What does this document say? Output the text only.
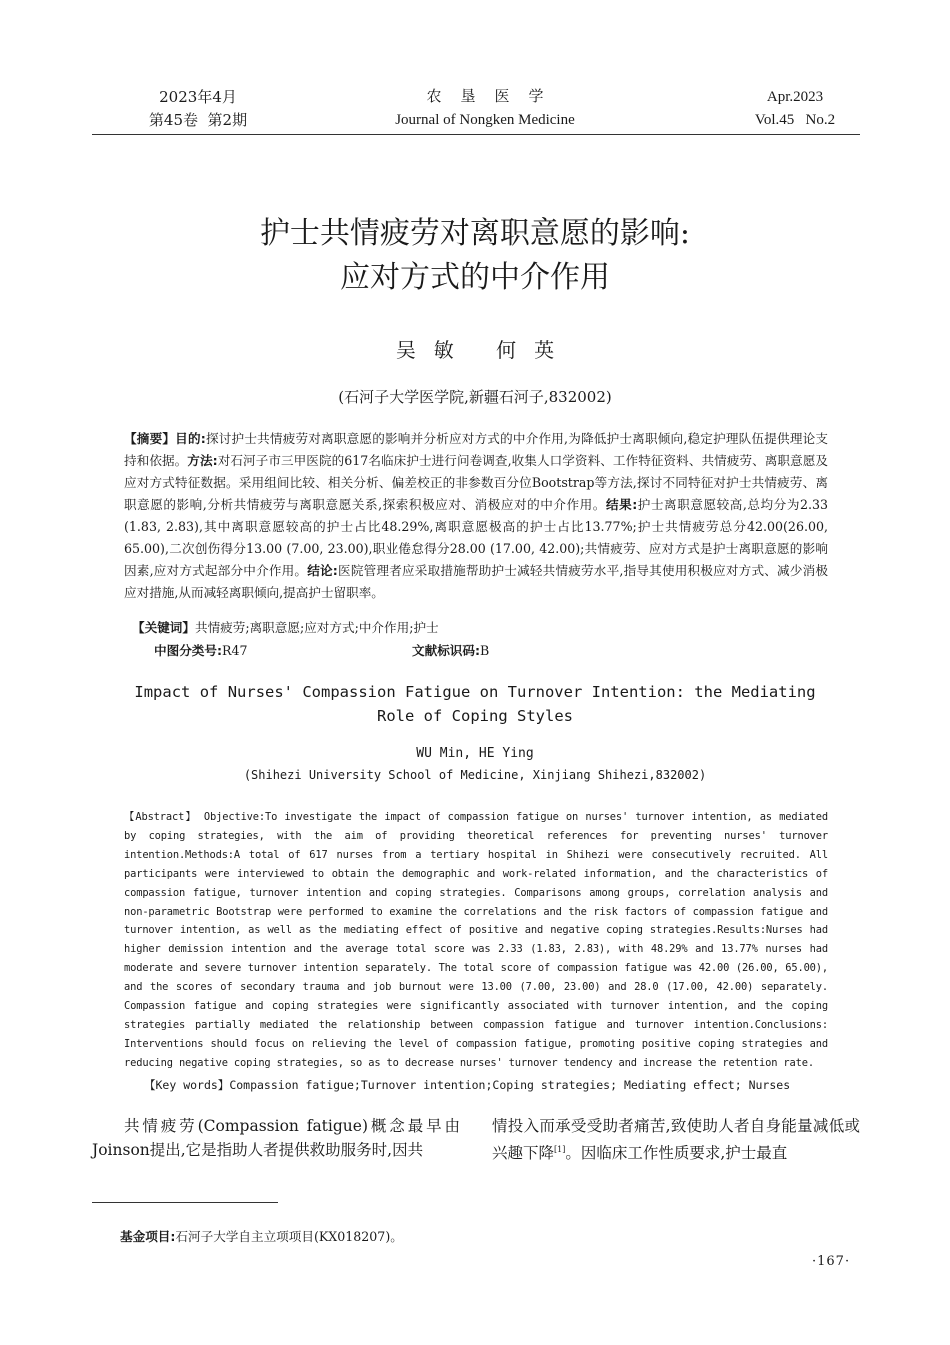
2023年4月
第45卷  第2期
农垦医学
Journal of Nongken Medicine
Apr.2023
Vol.45   No.2
护士共情疲劳对离职意愿的影响:
应对方式的中介作用
吴敏 何英
(石河子大学医学院,新疆石河子,832002)
【摘要】目的:探讨护士共情疲劳对离职意愿的影响并分析应对方式的中介作用,为降低护士离职倾向,稳定护理队伍提供理论支持和依据。方法:对石河子市三甲医院的617名临床护士进行问卷调查,收集人口学资料、工作特征资料、共情疲劳、离职意愿及应对方式特征数据。采用组间比较、相关分析、偏差校正的非参数百分位Bootstrap等方法,探讨不同特征对护士共情疲劳、离职意愿的影响,分析共情疲劳与离职意愿关系,探索积极应对、消极应对的中介作用。结果:护士离职意愿较高,总均分为2.33 (1.83, 2.83),其中离职意愿较高的护士占比48.29%,离职意愿极高的护士占比13.77%;护士共情疲劳总分42.00(26.00, 65.00),二次创伤得分13.00 (7.00, 23.00),职业倦怠得分28.00 (17.00, 42.00);共情疲劳、应对方式是护士离职意愿的影响因素,应对方式起部分中介作用。结论:医院管理者应采取措施帮助护士减轻共情疲劳水平,指导其使用积极应对方式、减少消极应对措施,从而减轻离职倾向,提高护士留职率。
【关键词】共情疲劳;离职意愿;应对方式;中介作用;护士
中图分类号:R47	文献标识码:B
Impact of Nurses' Compassion Fatigue on Turnover Intention: the Mediating
Role of Coping Styles
WU Min, HE Ying
(Shihezi University School of Medicine, Xinjiang Shihezi,832002)
【Abstract】 Objective:To investigate the impact of compassion fatigue on nurses' turnover intention, as mediated by coping strategies, with the aim of providing theoretical references for preventing nurses' turnover intention.Methods:A total of 617 nurses from a tertiary hospital in Shihezi were consecutively recruited. All participants were interviewed to obtain the demographic and work-related information, and the characteristics of compassion fatigue, turnover intention and coping strategies. Comparisons among groups, correlation analysis and non-parametric Bootstrap were performed to examine the correlations and the risk factors of compassion fatigue and turnover intention, as well as the mediating effect of positive and negative coping strategies.Results:Nurses had higher demission intention and the average total score was 2.33 (1.83, 2.83), with 48.29% and 13.77% nurses had moderate and severe turnover intention separately. The total score of compassion fatigue was 42.00 (26.00, 65.00), and the scores of secondary trauma and job burnout were 13.00 (7.00, 23.00) and 28.0 (17.00, 42.00) separately. Compassion fatigue and coping strategies were significantly associated with turnover intention, and the coping strategies partially mediated the relationship between compassion fatigue and turnover intention.Conclusions: Interventions should focus on relieving the level of compassion fatigue, promoting positive coping strategies and reducing negative coping strategies, so as to decrease nurses' turnover tendency and increase the retention rate.
【Key words】Compassion fatigue;Turnover intention;Coping strategies; Mediating effect; Nurses
共情疲劳(Compassion fatigue)概念最早由Joinson提出,它是指助人者提供救助服务时,因共
情投入而承受受助者痛苦,致使助人者自身能量减低或兴趣下降[1]。因临床工作性质要求,护士最直
基金项目:石河子大学自主立项项目(KX018207)。
·167·
